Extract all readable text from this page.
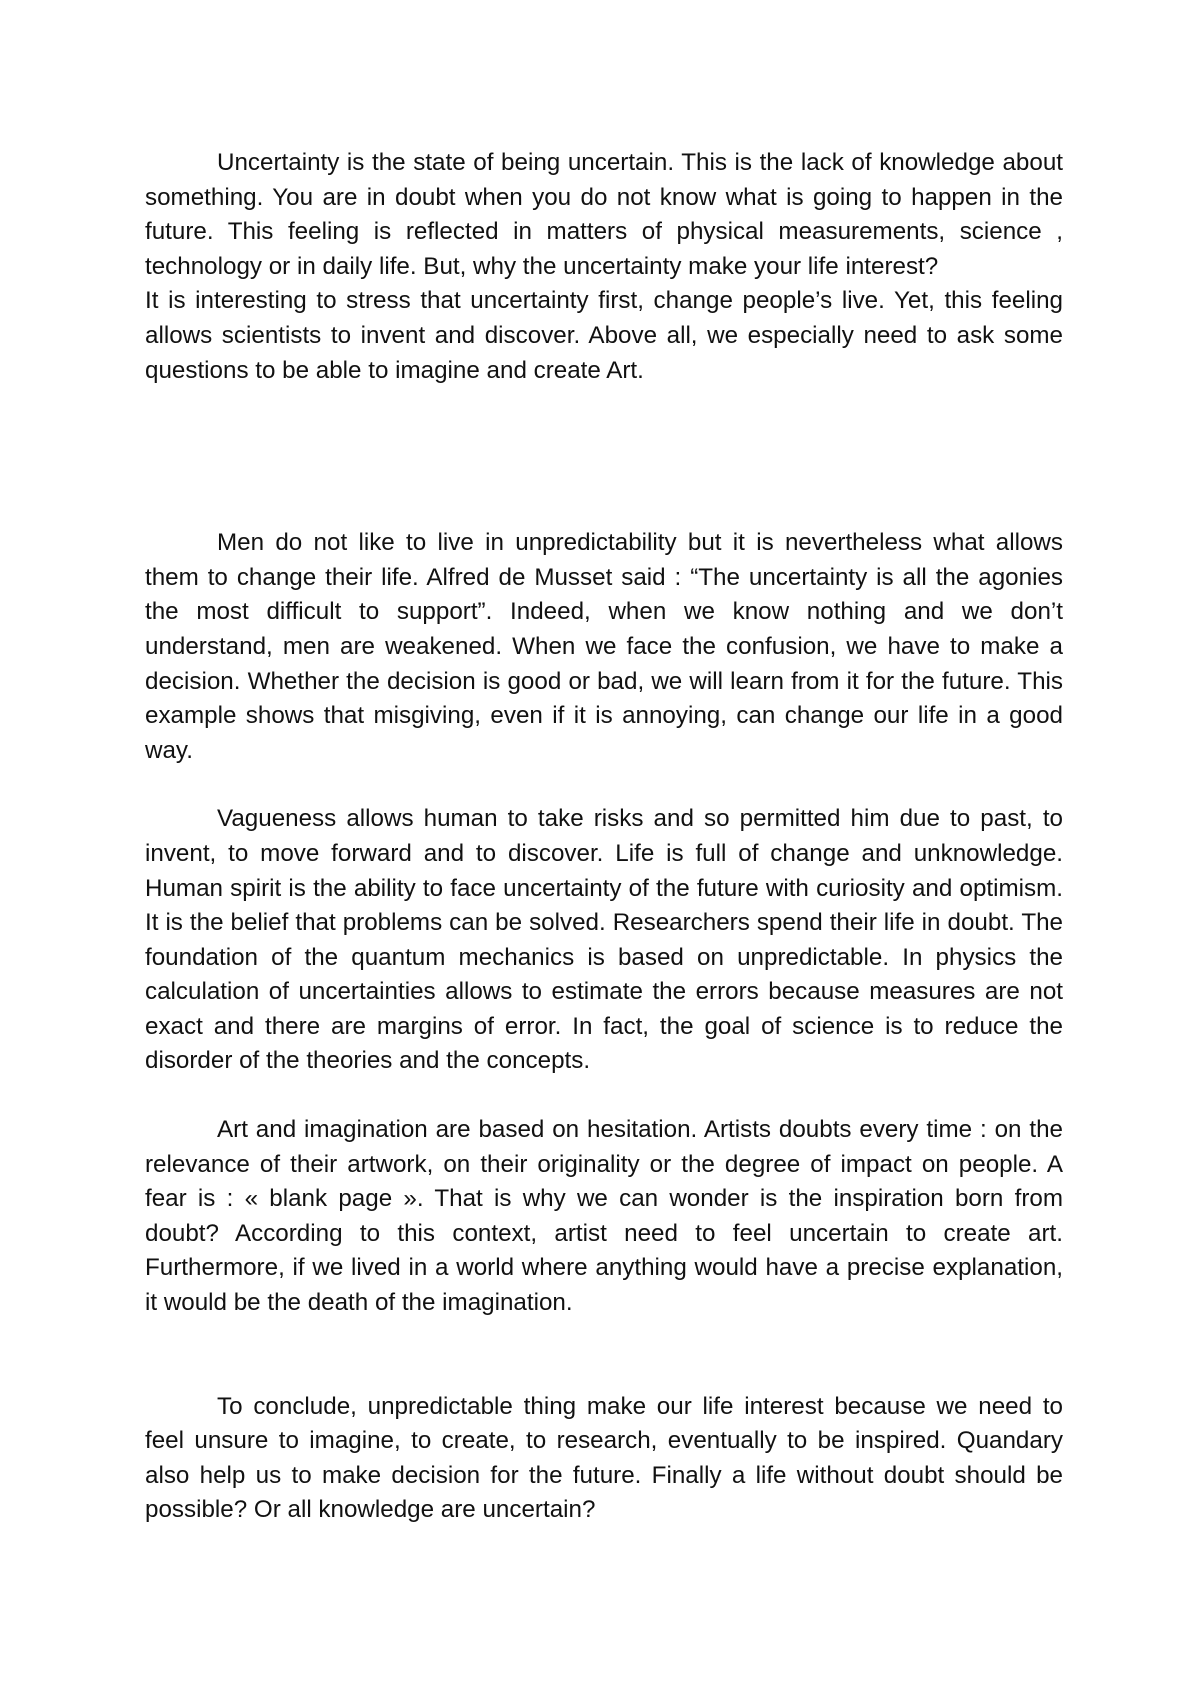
Uncertainty is the state of being uncertain. This is the lack of knowledge about something. You are in doubt when you do not know what is going to happen in the future. This feeling is reflected in matters of physical measurements, science , technology or in daily life. But, why the uncertainty make your life interest?

It is interesting to stress that uncertainty first, change people’s live. Yet, this feeling allows scientists to invent and discover. Above all, we especially need to ask some questions to be able to imagine and create Art.

Men do not like to live in unpredictability but it is nevertheless what allows them to change their life. Alfred de Musset said : “The uncertainty is all the agonies the most difficult to support”. Indeed, when we know nothing and we don’t understand, men are weakened. When we face the confusion, we have to make a decision. Whether the decision is good or bad, we will learn from it for the future. This example shows that misgiving, even if it is annoying, can change our life in a good way.

Vagueness allows human to take risks and so permitted him due to past, to invent, to move forward and to discover. Life is full of change and unknowledge. Human spirit is the ability to face uncertainty of the future with curiosity and optimism. It is the belief that problems can be solved. Researchers spend their life in doubt. The foundation of the quantum mechanics is based on unpredictable. In physics the calculation of uncertainties allows to estimate the errors because measures are not exact and there are margins of error. In fact, the goal of science is to reduce the disorder of the theories and the concepts.

Art and imagination are based on hesitation. Artists doubts every time : on the relevance of their artwork, on their originality or the degree of impact on people. A fear is : « blank page ». That is why we can wonder is the inspiration born from doubt? According to this context, artist need to feel uncertain to create art. Furthermore, if we lived in a world where anything would have a precise explanation, it would be the death of the imagination.

To conclude, unpredictable thing make our life interest because we need to feel unsure to imagine, to create, to research, eventually to be inspired. Quandary also help us to make decision for the future. Finally a life without doubt should be possible? Or all knowledge are uncertain?
